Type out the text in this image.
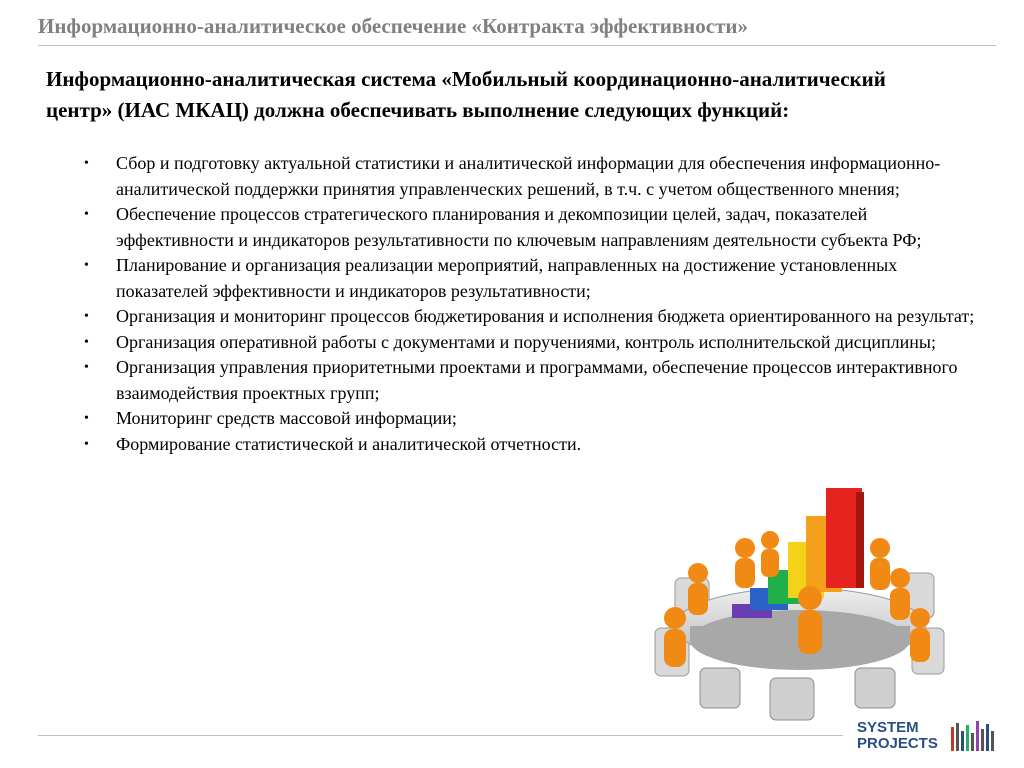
Информационно-аналитическое обеспечение «Контракта эффективности»
Информационно-аналитическая система «Мобильный координационно-аналитический центр» (ИАС МКАЦ) должна обеспечивать выполнение следующих функций:
• Сбор и подготовку актуальной статистики и аналитической информации для обеспечения информационно-аналитической поддержки принятия управленческих решений, в т.ч. с учетом общественного мнения;
• Обеспечение процессов стратегического планирования и декомпозиции целей, задач, показателей эффективности и индикаторов результативности по ключевым направлениям деятельности субъекта РФ;
• Планирование и организация реализации мероприятий, направленных на достижение установленных показателей эффективности и индикаторов результативности;
• Организация и мониторинг процессов бюджетирования и исполнения бюджета ориентированного на результат;
• Организация оперативной работы с документами и поручениями, контроль исполнительской дисциплины;
• Организация управления приоритетными проектами и программами, обеспечение процессов интерактивного взаимодействия проектных групп;
• Мониторинг средств массовой информации;
• Формирование статистической и аналитической отчетности.
SYSTEM
PROJECTS
